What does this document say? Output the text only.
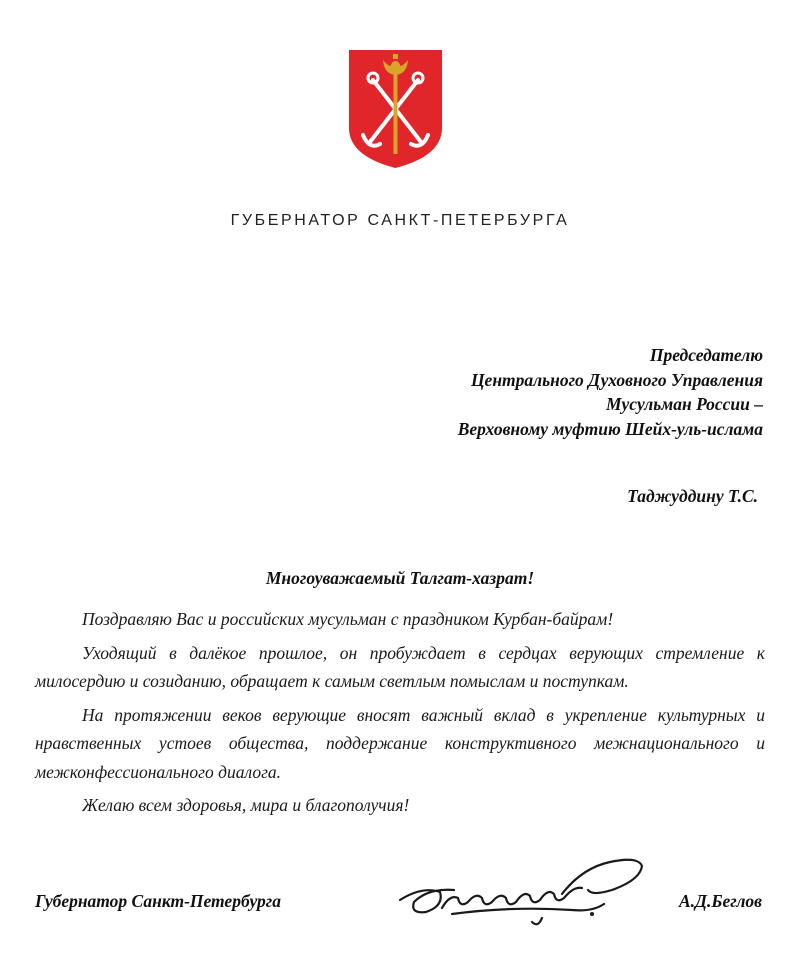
ГУБЕРНАТОР САНКТ-ПЕТЕРБУРГА
Председателю
Центрального Духовного Управления
Мусульман России –
Верховному муфтию Шейх-уль-ислама
Таджуддину Т.С.
Многоуважаемый Талгат-хазрат!

Поздравляю Вас и российских мусульман с праздником Курбан-байрам!

Уходящий в далёкое прошлое, он пробуждает в сердцах верующих стремление к милосердию и созиданию, обращает к самым светлым помыслам и поступкам.

На протяжении веков верующие вносят важный вклад в укрепление культурных и нравственных устоев общества, поддержание конструктивного межнационального и межконфессионального диалога.

Желаю всем здоровья, мира и благополучия!

Губернатор Санкт-Петербурга	А.Д.Беглов
